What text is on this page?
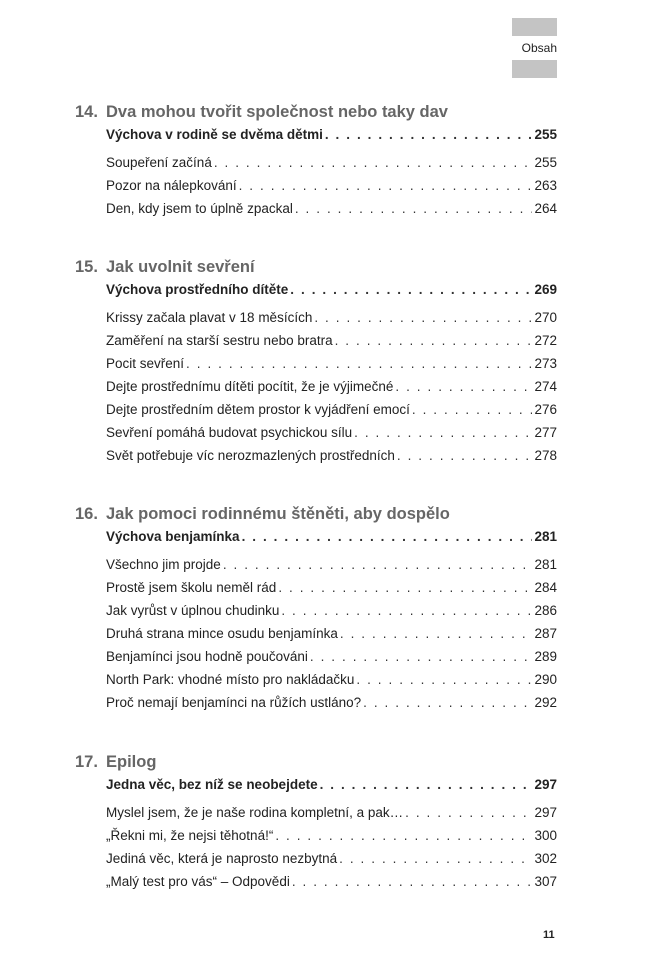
Obsah
14. Dva mohou tvořit společnost nebo taky dav
Výchova v rodině se dvěma dětmi . . .	255
Soupeření začíná . . .	255
Pozor na nálepkování . . .	263
Den, kdy jsem to úplně zpackal . . .	264
15. Jak uvolnit sevření
Výchova prostředního dítěte . . .	269
Krissy začala plavat v 18 měsících . . .	270
Zaměření na starší sestru nebo bratra . . .	272
Pocit sevření . . .	273
Dejte prostřednímu dítěti pocítit, že je výjimečné . . .	274
Dejte prostředním dětem prostor k vyjádření emocí . . .	276
Sevření pomáhá budovat psychickou sílu . . .	277
Svět potřebuje víc nerozmazlených prostředních . . .	278
16. Jak pomoci rodinnému štěněti, aby dospělo
Výchova benjamínka . . .	281
Všechno jim projde . . .	281
Prostě jsem školu neměl rád . . .	284
Jak vyrůst v úplnou chudinku . . .	286
Druhá strana mince osudu benjamínka . . .	287
Benjamínci jsou hodně poučováni . . .	289
North Park: vhodné místo pro nakládačku . . .	290
Proč nemají benjamínci na růžích ustláno? . . .	292
17. Epilog
Jedna věc, bez níž se neobejdete . . .	297
Myslel jsem, že je naše rodina kompletní, a pak… . . .	297
„Řekni mi, že nejsi těhotná!“ . . .	300
Jediná věc, která je naprosto nezbytná . . .	302
„Malý test pro vás“ – Odpovědi . . .	307
11
